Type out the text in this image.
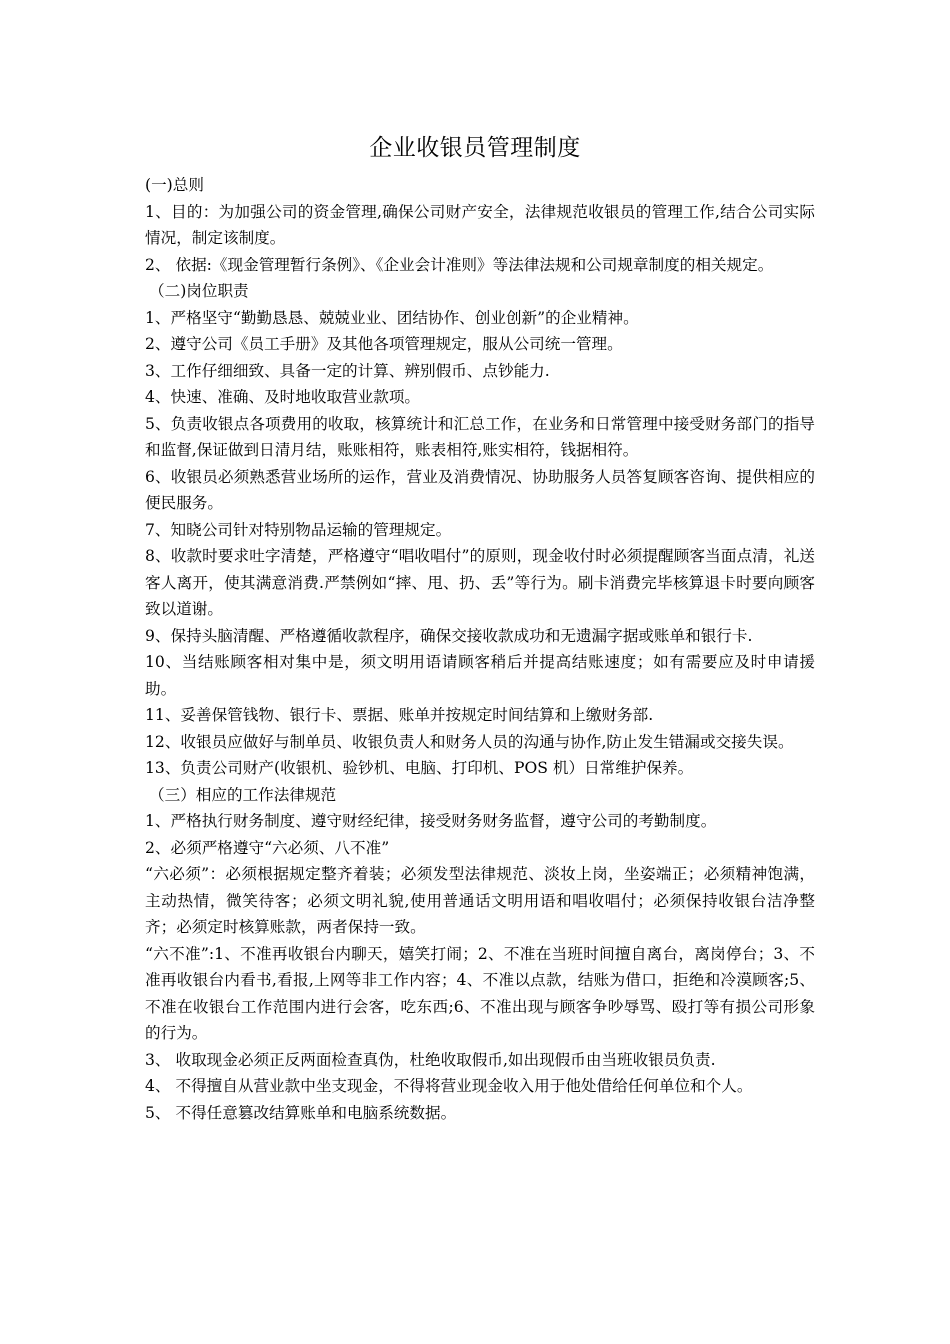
企业收银员管理制度

(一)总则

1、目的：为加强公司的资金管理,确保公司财产安全，法律规范收银员的管理工作,结合公司实际情况，制定该制度。

2、 依据:《现金管理暂行条例》、《企业会计准则》等法律法规和公司规章制度的相关规定。

（二)岗位职责

1、严格坚守“勤勤恳恳、兢兢业业、团结协作、创业创新”的企业精神。

2、遵守公司《员工手册》及其他各项管理规定，服从公司统一管理。

3、工作仔细细致、具备一定的计算、辨别假币、点钞能力.

4、快速、准确、及时地收取营业款项。

5、负责收银点各项费用的收取，核算统计和汇总工作，在业务和日常管理中接受财务部门的指导和监督,保证做到日清月结，账账相符，账表相符,账实相符，钱据相符。

6、收银员必须熟悉营业场所的运作，营业及消费情况、协助服务人员答复顾客咨询、提供相应的便民服务。

7、知晓公司针对特别物品运输的管理规定。

8、收款时要求吐字清楚，严格遵守“唱收唱付”的原则，现金收付时必须提醒顾客当面点清，礼送客人离开，使其满意消费.严禁例如“摔、甩、扔、丢”等行为。刷卡消费完毕核算退卡时要向顾客致以道谢。

9、保持头脑清醒、严格遵循收款程序，确保交接收款成功和无遗漏字据或账单和银行卡.

10、当结账顾客相对集中是，须文明用语请顾客稍后并提高结账速度；如有需要应及时申请援助。

11、妥善保管钱物、银行卡、票据、账单并按规定时间结算和上缴财务部.

12、收银员应做好与制单员、收银负责人和财务人员的沟通与协作,防止发生错漏或交接失误。

13、负责公司财产(收银机、验钞机、电脑、打印机、POS 机）日常维护保养。

（三）相应的工作法律规范

1、严格执行财务制度、遵守财经纪律，接受财务财务监督，遵守公司的考勤制度。

2、必须严格遵守“六必须、八不准”

“六必须”：必须根据规定整齐着装；必须发型法律规范、淡妆上岗，坐姿端正；必须精神饱满，主动热情，微笑待客；必须文明礼貌,使用普通话文明用语和唱收唱付；必须保持收银台洁净整齐；必须定时核算账款，两者保持一致。

“六不准”:1、不准再收银台内聊天，嬉笑打闹；2、不准在当班时间擅自离台，离岗停台；3、不准再收银台内看书,看报,上网等非工作内容；4、不准以点款，结账为借口，拒绝和冷漠顾客;5、不准在收银台工作范围内进行会客，吃东西;6、不准出现与顾客争吵辱骂、殴打等有损公司形象的行为。

3、 收取现金必须正反两面检查真伪，杜绝收取假币,如出现假币由当班收银员负责.

4、 不得擅自从营业款中坐支现金，不得将营业现金收入用于他处借给任何单位和个人。

5、 不得任意篡改结算账单和电脑系统数据。
